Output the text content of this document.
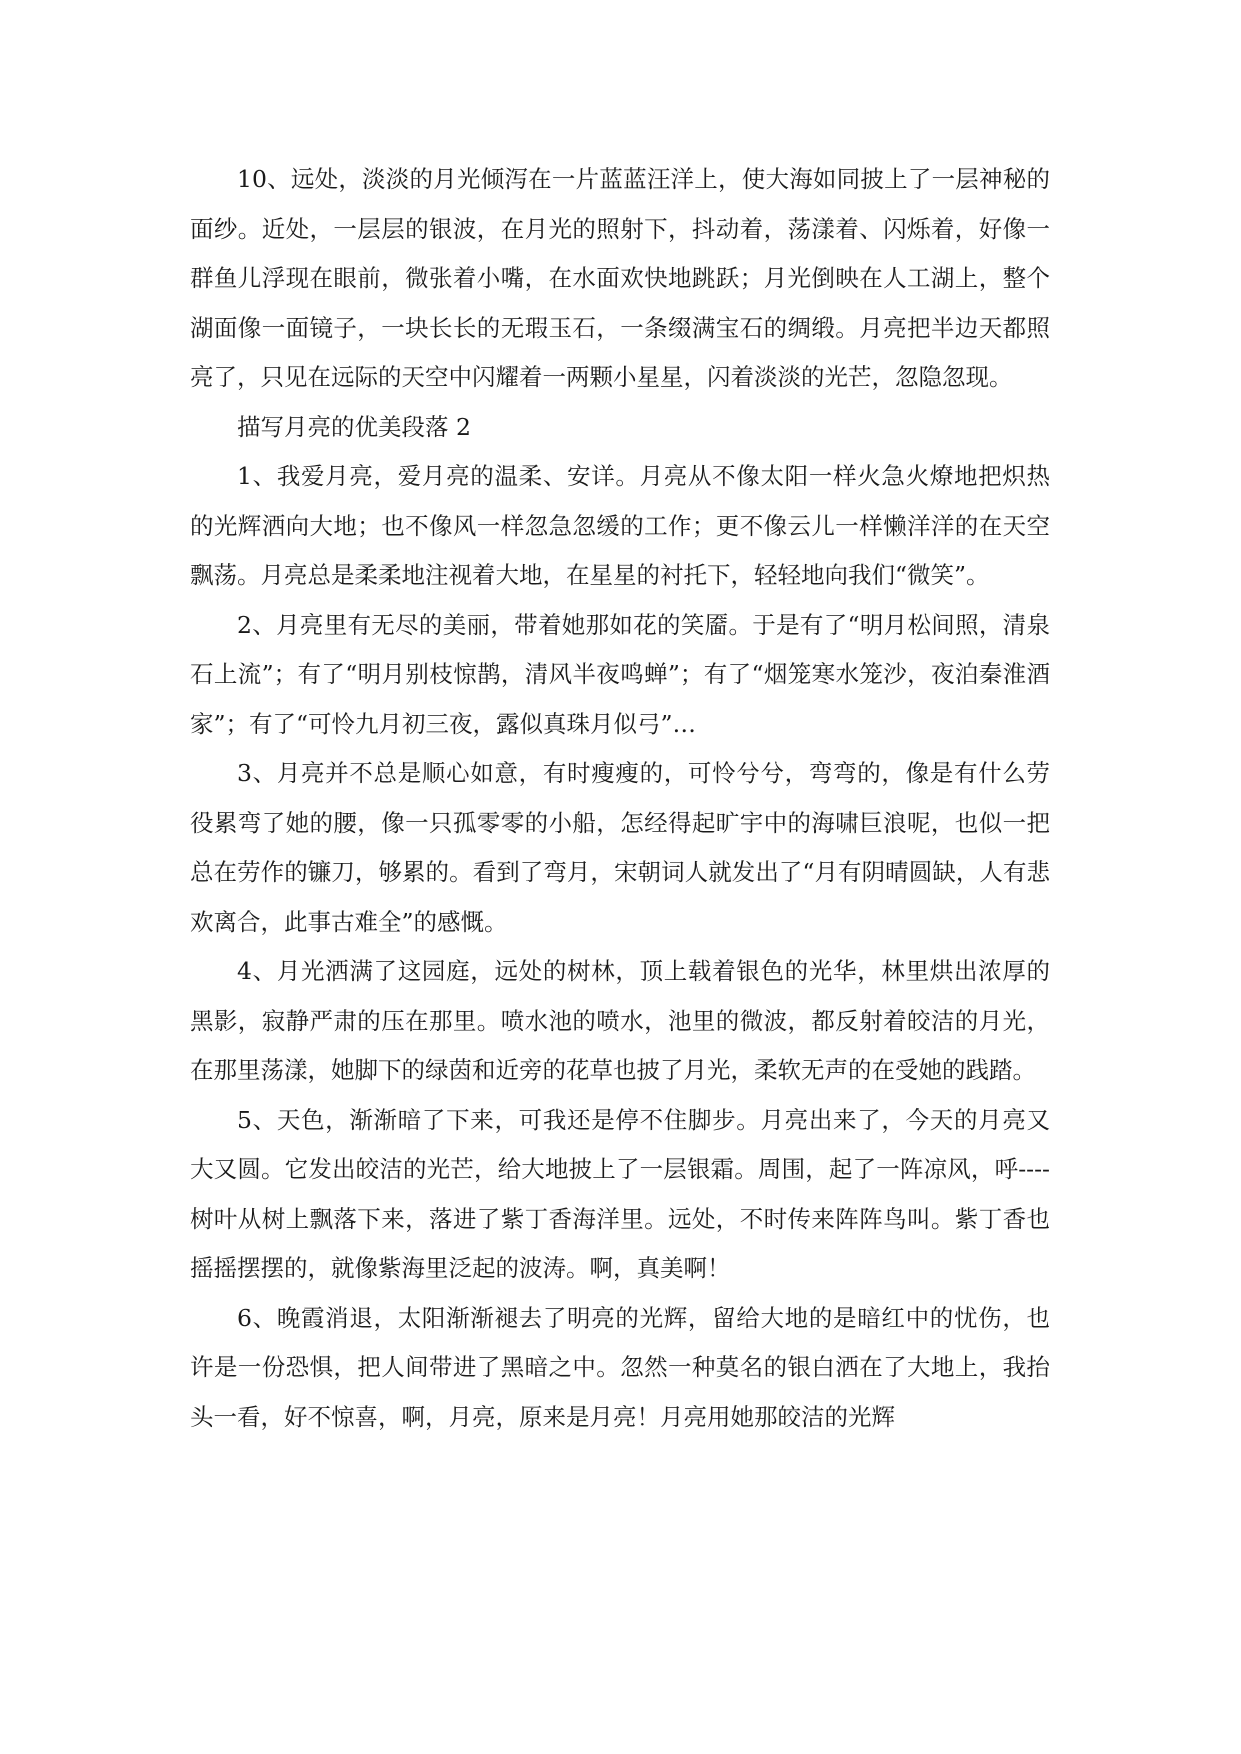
10、远处，淡淡的月光倾泻在一片蓝蓝汪洋上，使大海如同披上了一层神秘的面纱。近处，一层层的银波，在月光的照射下，抖动着，荡漾着、闪烁着，好像一群鱼儿浮现在眼前，微张着小嘴，在水面欢快地跳跃；月光倒映在人工湖上，整个湖面像一面镜子，一块长长的无瑕玉石，一条缀满宝石的绸缎。月亮把半边天都照亮了，只见在远际的天空中闪耀着一两颗小星星，闪着淡淡的光芒，忽隐忽现。

描写月亮的优美段落 2

1、我爱月亮，爱月亮的温柔、安详。月亮从不像太阳一样火急火燎地把炽热的光辉洒向大地；也不像风一样忽急忽缓的工作；更不像云儿一样懒洋洋的在天空飘荡。月亮总是柔柔地注视着大地，在星星的衬托下，轻轻地向我们“微笑”。

2、月亮里有无尽的美丽，带着她那如花的笑靥。于是有了“明月松间照，清泉石上流”；有了“明月别枝惊鹊，清风半夜鸣蝉”；有了“烟笼寒水笼沙，夜泊秦淮酒家”；有了“可怜九月初三夜，露似真珠月似弓”…

3、月亮并不总是顺心如意，有时瘦瘦的，可怜兮兮，弯弯的，像是有什么劳役累弯了她的腰，像一只孤零零的小船，怎经得起旷宇中的海啸巨浪呢，也似一把总在劳作的镰刀，够累的。看到了弯月，宋朝词人就发出了“月有阴晴圆缺，人有悲欢离合，此事古难全”的感慨。

4、月光洒满了这园庭，远处的树林，顶上载着银色的光华，林里烘出浓厚的黑影，寂静严肃的压在那里。喷水池的喷水，池里的微波，都反射着皎洁的月光，在那里荡漾，她脚下的绿茵和近旁的花草也披了月光，柔软无声的在受她的践踏。

5、天色，渐渐暗了下来，可我还是停不住脚步。月亮出来了，今天的月亮又大又圆。它发出皎洁的光芒，给大地披上了一层银霜。周围，起了一阵凉风，呼----树叶从树上飘落下来，落进了紫丁香海洋里。远处，不时传来阵阵鸟叫。紫丁香也摇摇摆摆的，就像紫海里泛起的波涛。啊，真美啊！

6、晚霞消退，太阳渐渐褪去了明亮的光辉，留给大地的是暗红中的忧伤，也许是一份恐惧，把人间带进了黑暗之中。忽然一种莫名的银白洒在了大地上，我抬头一看，好不惊喜，啊，月亮，原来是月亮！月亮用她那皎洁的光辉
